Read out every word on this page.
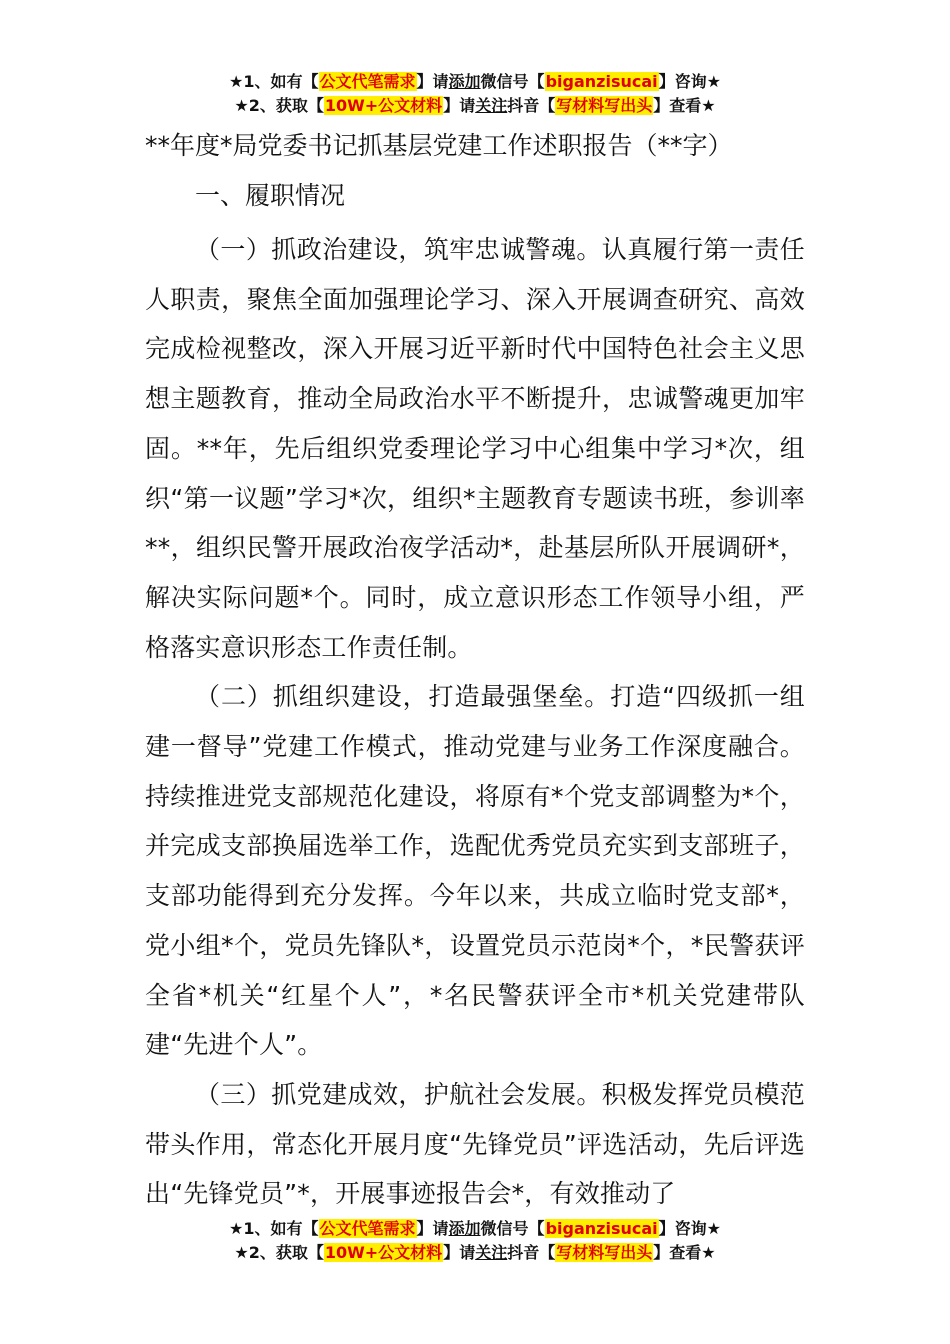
★1、如有【公文代笔需求】请添加微信号【biganzisucai】咨询★
★2、获取【10W+公文材料】请关注抖音【写材料写出头】查看★
**年度*局党委书记抓基层党建工作述职报告（**字）
一、履职情况

（一）抓政治建设，筑牢忠诚警魂。认真履行第一责任人职责，聚焦全面加强理论学习、深入开展调查研究、高效完成检视整改，深入开展习近平新时代中国特色社会主义思想主题教育，推动全局政治水平不断提升，忠诚警魂更加牢固。**年，先后组织党委理论学习中心组集中学习*次，组织“第一议题”学习*次，组织*主题教育专题读书班，参训率**，组织民警开展政治夜学活动*，赴基层所队开展调研*，解决实际问题*个。同时，成立意识形态工作领导小组，严格落实意识形态工作责任制。

（二）抓组织建设，打造最强堡垒。打造“四级抓一组建一督导”党建工作模式，推动党建与业务工作深度融合。持续推进党支部规范化建设，将原有*个党支部调整为*个，并完成支部换届选举工作，选配优秀党员充实到支部班子，支部功能得到充分发挥。今年以来，共成立临时党支部*，党小组*个，党员先锋队*，设置党员示范岗*个，*民警获评全省*机关“红星个人”，*名民警获评全市*机关党建带队建“先进个人”。

（三）抓党建成效，护航社会发展。积极发挥党员模范带头作用，常态化开展月度“先锋党员”评选活动，先后评选出“先锋党员”*，开展事迹报告会*，有效推动了

★1、如有【公文代笔需求】请添加微信号【biganzisucai】咨询★
★2、获取【10W+公文材料】请关注抖音【写材料写出头】查看★
